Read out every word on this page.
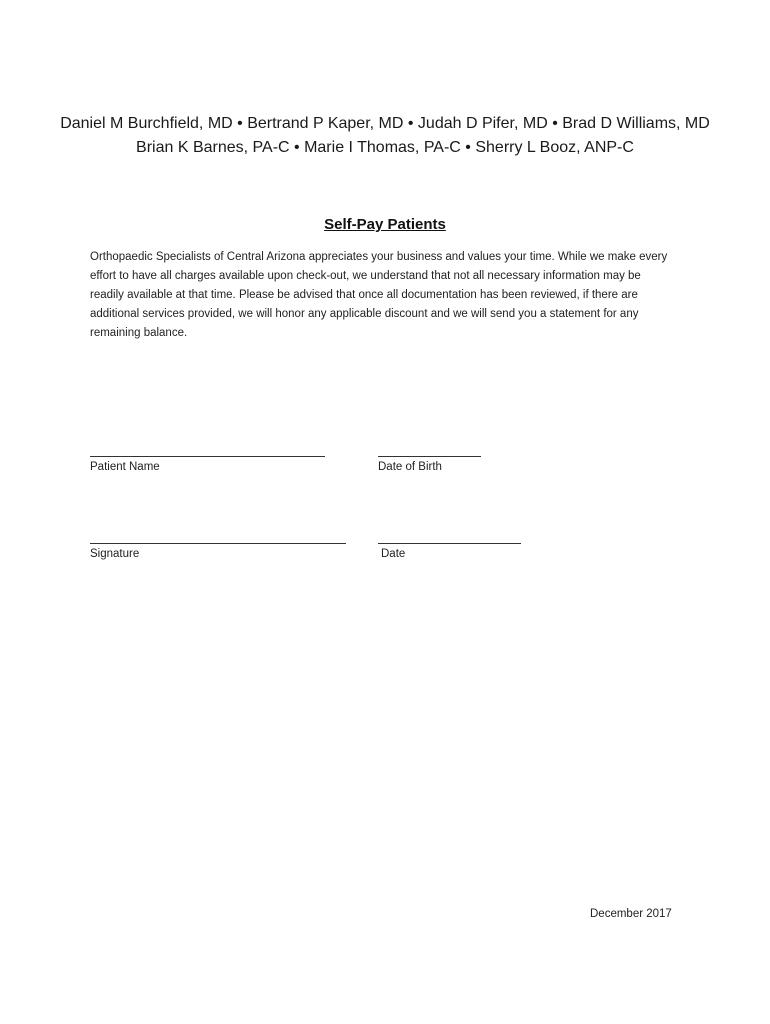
Daniel M Burchfield, MD • Bertrand P Kaper, MD • Judah D Pifer, MD • Brad D Williams, MD
Brian K Barnes, PA-C • Marie I Thomas, PA-C • Sherry L Booz, ANP-C
Self-Pay Patients
Orthopaedic Specialists of Central Arizona appreciates your business and values your time. While we make every effort to have all charges available upon check-out, we understand that not all necessary information may be readily available at that time. Please be advised that once all documentation has been reviewed, if there are additional services provided, we will honor any applicable discount and we will send you a statement for any remaining balance.
Patient Name	Date of Birth
Signature	Date
December 2017
